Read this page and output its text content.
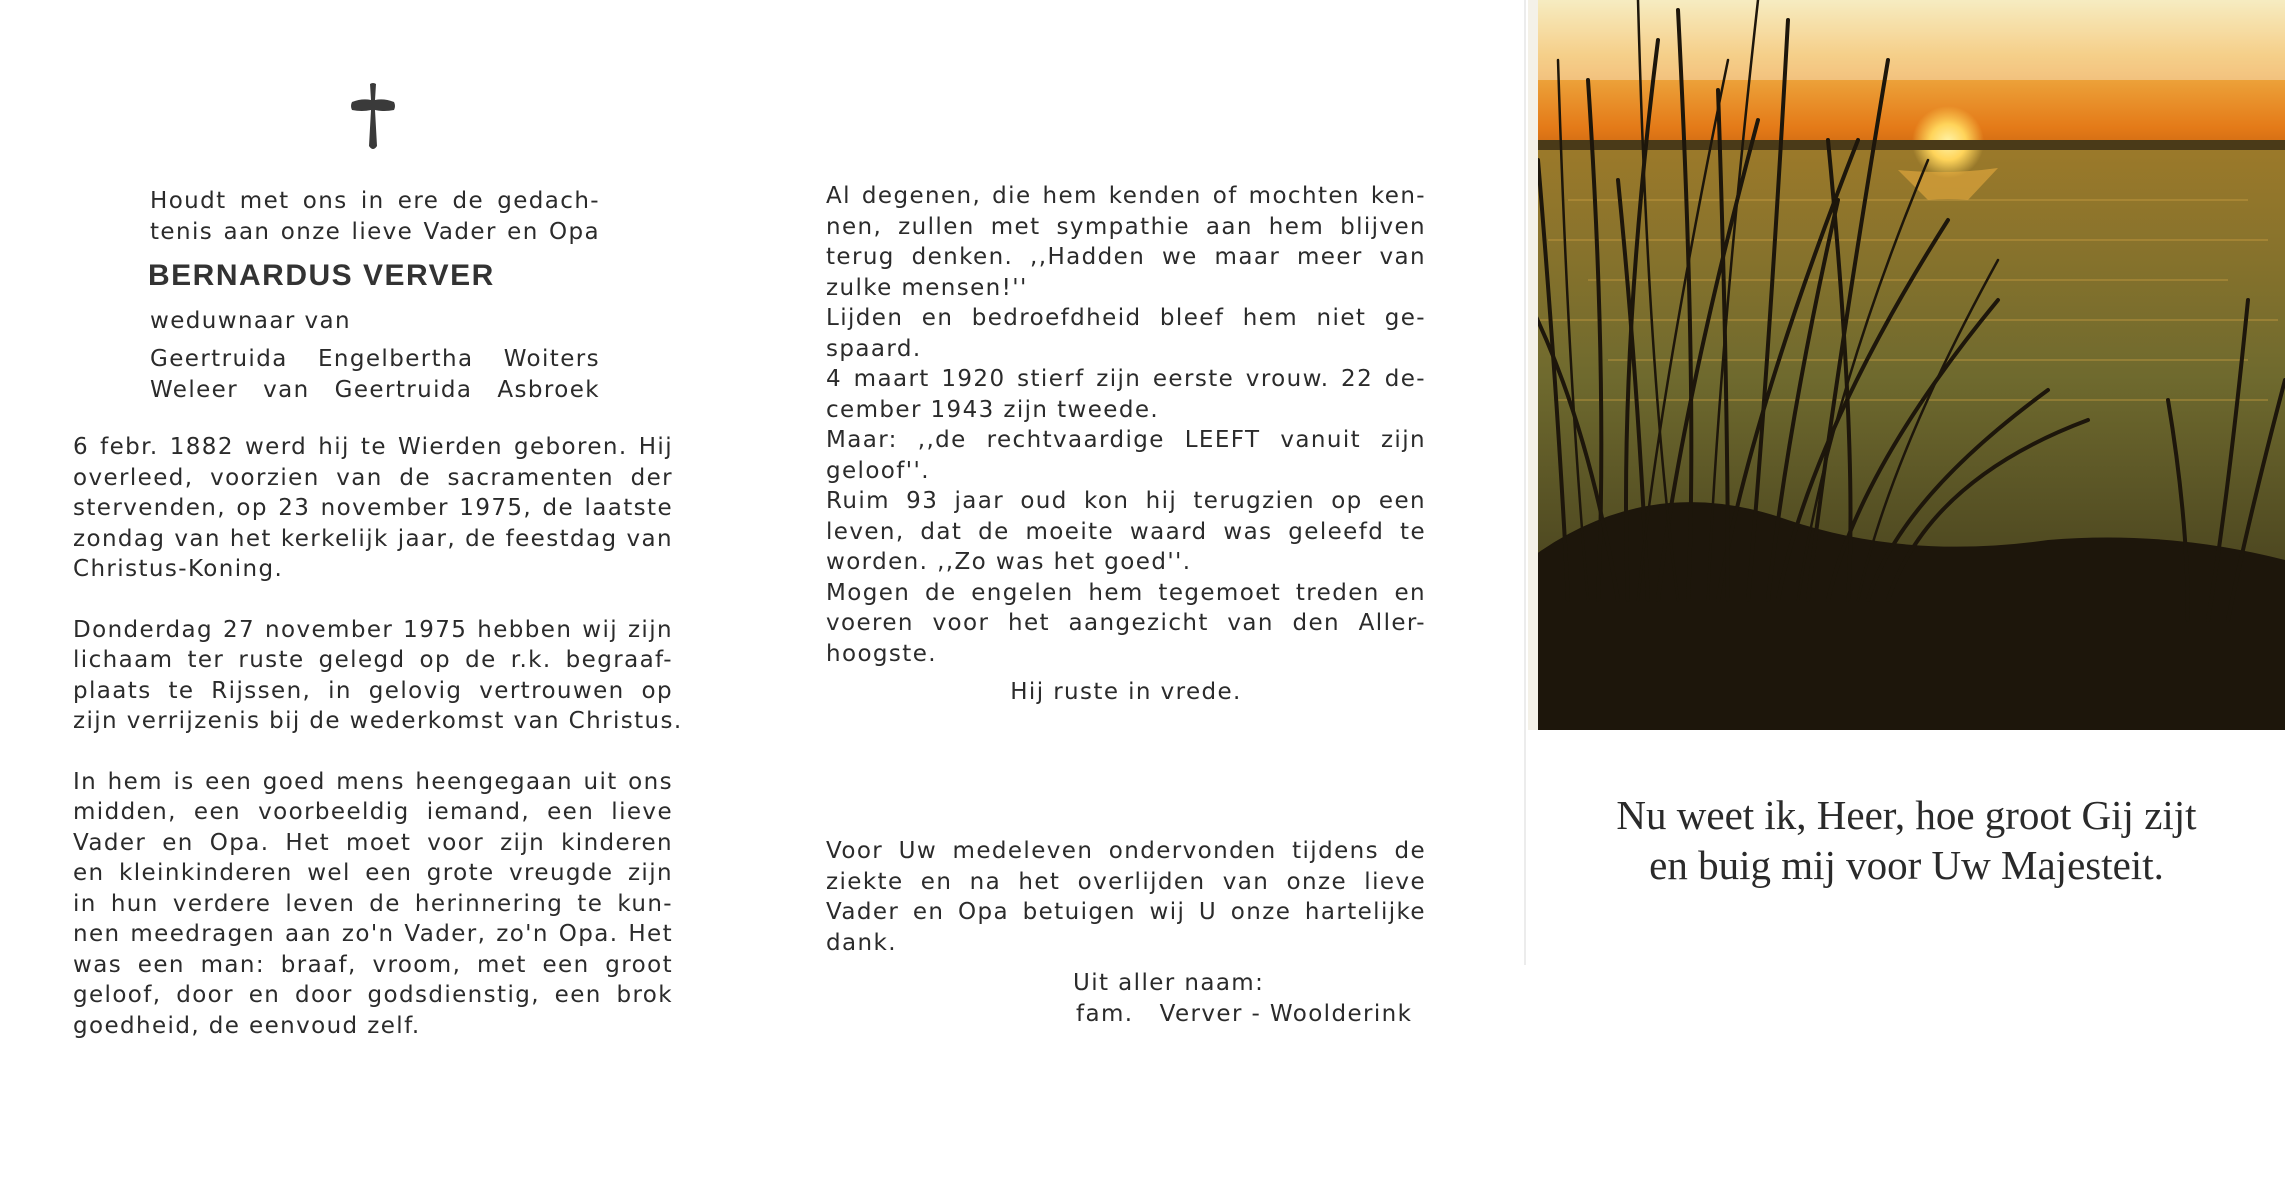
Houdt met ons in ere de gedach-
tenis aan onze lieve Vader en Opa
BERNARDUS VERVER
weduwnaar van
Geertruida Engelbertha Woiters
Weleer van Geertruida Asbroek
6 febr. 1882 werd hij te Wierden geboren. Hij
overleed, voorzien van de sacramenten der
stervenden, op 23 november 1975, de laatste
zondag van het kerkelijk jaar, de feestdag van
Christus-Koning.
Donderdag 27 november 1975 hebben wij zijn
lichaam ter ruste gelegd op de r.k. begraaf-
plaats te Rijssen, in gelovig vertrouwen op
zijn verrijzenis bij de wederkomst van Christus.
In hem is een goed mens heengegaan uit ons
midden, een voorbeeldig iemand, een lieve
Vader en Opa. Het moet voor zijn kinderen
en kleinkinderen wel een grote vreugde zijn
in hun verdere leven de herinnering te kun-
nen meedragen aan zo'n Vader, zo'n Opa. Het
was een man: braaf, vroom, met een groot
geloof, door en door godsdienstig, een brok
goedheid, de eenvoud zelf.
Al degenen, die hem kenden of mochten ken-
nen, zullen met sympathie aan hem blijven
terug denken. ,,Hadden we maar meer van
zulke mensen!''
Lijden en bedroefdheid bleef hem niet ge-
spaard.
4 maart 1920 stierf zijn eerste vrouw. 22 de-
cember 1943 zijn tweede.
Maar: ,,de rechtvaardige LEEFT vanuit zijn
geloof''.
Ruim 93 jaar oud kon hij terugzien op een
leven, dat de moeite waard was geleefd te
worden. ,,Zo was het goed''.
Mogen de engelen hem tegemoet treden en
voeren voor het aangezicht van den Aller-
hoogste.
Hij ruste in vrede.
Voor Uw medeleven ondervonden tijdens de
ziekte en na het overlijden van onze lieve
Vader en Opa betuigen wij U onze hartelijke
dank.
Uit aller naam:
fam.   Verver - Woolderink
Nu weet ik, Heer, hoe groot Gij zijt
en buig mij voor Uw Majesteit.
